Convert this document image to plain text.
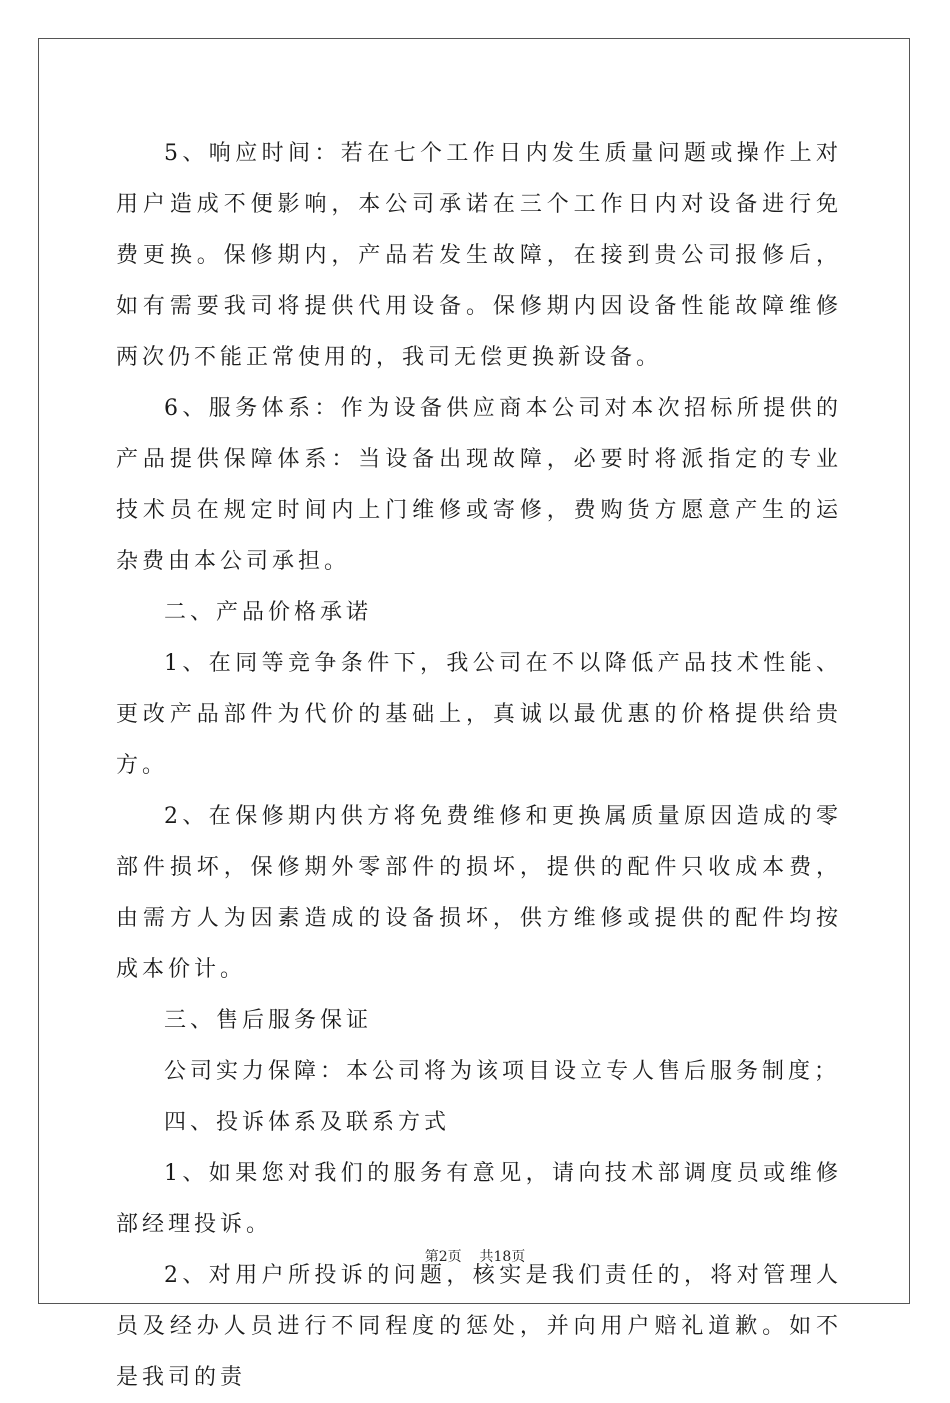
5、响应时间：若在七个工作日内发生质量问题或操作上对用户造成不便影响，本公司承诺在三个工作日内对设备进行免费更换。保修期内，产品若发生故障，在接到贵公司报修后，如有需要我司将提供代用设备。保修期内因设备性能故障维修两次仍不能正常使用的，我司无偿更换新设备。

6、服务体系：作为设备供应商本公司对本次招标所提供的产品提供保障体系：当设备出现故障，必要时将派指定的专业技术员在规定时间内上门维修或寄修，费购货方愿意产生的运杂费由本公司承担。

二、产品价格承诺

1、在同等竞争条件下，我公司在不以降低产品技术性能、更改产品部件为代价的基础上，真诚以最优惠的价格提供给贵方。

2、在保修期内供方将免费维修和更换属质量原因造成的零部件损坏，保修期外零部件的损坏，提供的配件只收成本费，由需方人为因素造成的设备损坏，供方维修或提供的配件均按成本价计。

三、售后服务保证

公司实力保障：本公司将为该项目设立专人售后服务制度；

四、投诉体系及联系方式

1、如果您对我们的服务有意见，请向技术部调度员或维修部经理投诉。

2、对用户所投诉的问题，核实是我们责任的，将对管理人员及经办人员进行不同程度的惩处，并向用户赔礼道歉。如不是我司的责

第2页    共18页
